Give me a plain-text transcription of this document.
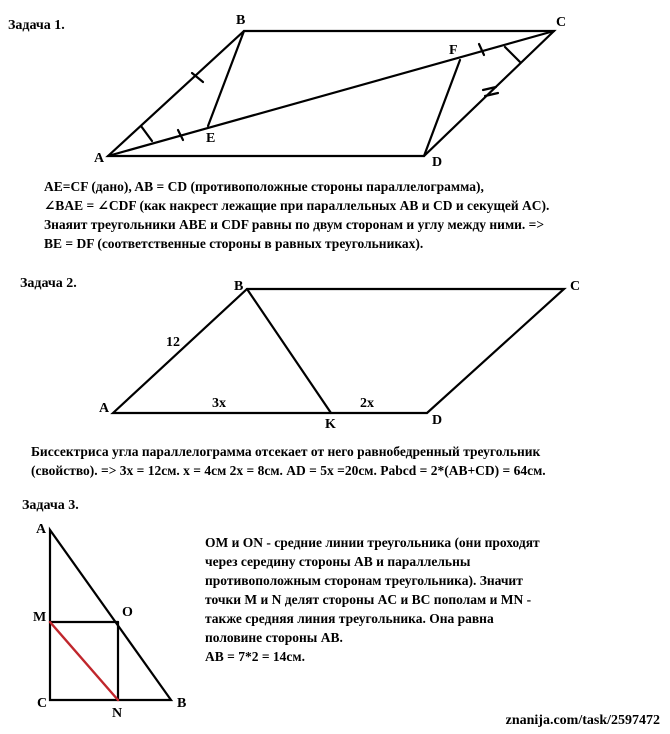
Задача 1.
A
B	C
D
E
F
AE=CF (дано), AB = CD (противоположные стороны параллелограмма),
∠BAE = ∠CDF (как накрест лежащие при параллельных AB и CD и секущей AC).
Знаяит треугольники ABE и CDF равны по двум сторонам и углу между ними. =>
BE = DF (соответственные стороны в равных треугольниках).
Задача 2.
A
B	C
D
K
12
3x	2x
Биссектриса угла параллелограмма отсекает от него равнобедренный треугольник
(свойство). => 3x = 12см. x = 4см 2x = 8см. AD = 5x =20см. Pabcd = 2*(AB+CD) = 64см.
Задача 3.
A
M	O
C
N
B
OM и ON - средние линии треугольника (они проходят
через середину стороны AB и параллельны
противоположным сторонам треугольника). Значит
точки M и N делят стороны AC и BC пополам и MN -
также средняя линия треугольника. Она равна
половине стороны AB.
AB = 7*2 = 14см.
znanija.com/task/2597472
